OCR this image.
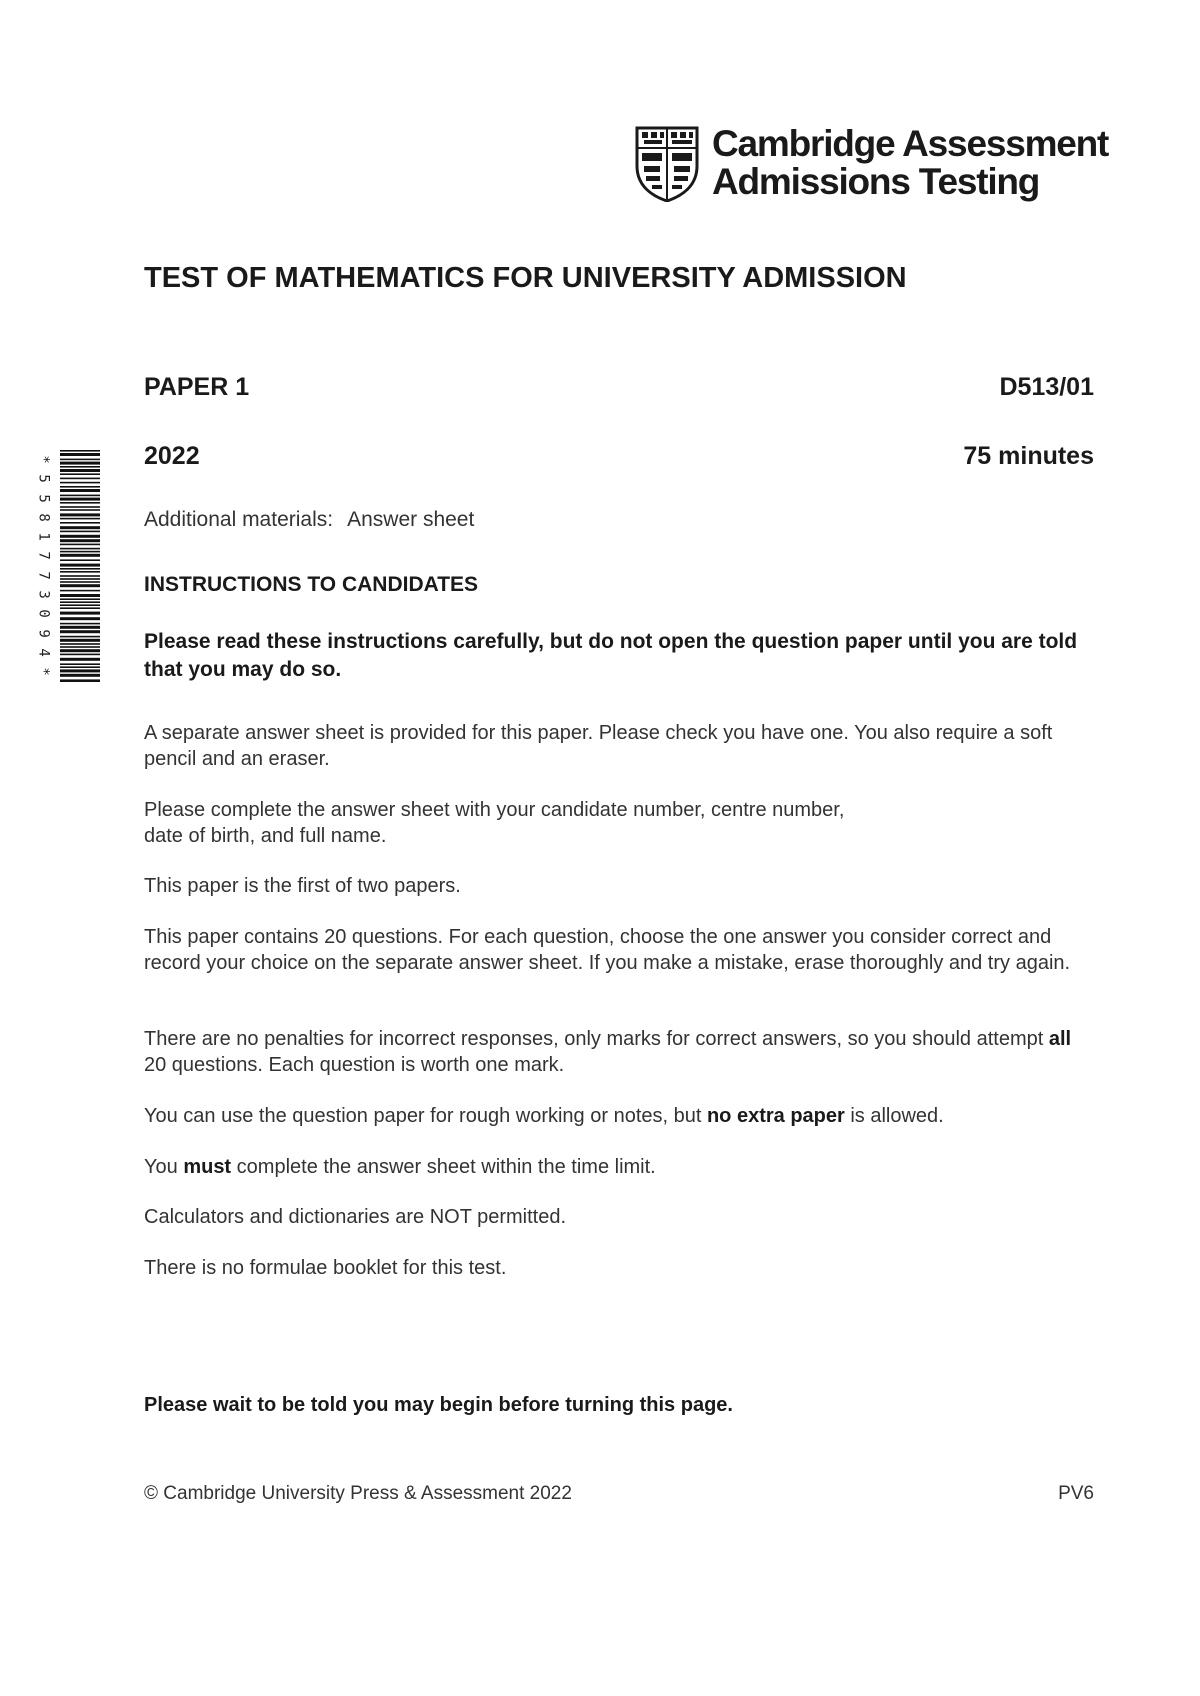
Cambridge Assessment
Admissions Testing
*
5
5
8
1
7
7
3
0
9
4
*
TEST OF MATHEMATICS FOR UNIVERSITY ADMISSION
PAPER 1	D513/01
2022	75 minutes
Additional materials: Answer sheet
INSTRUCTIONS TO CANDIDATES
Please read these instructions carefully, but do not open the question paper until you are told that you may do so.
A separate answer sheet is provided for this paper. Please check you have one. You also require a soft pencil and an eraser.
Please complete the answer sheet with your candidate number, centre number,
date of birth, and full name.
This paper is the first of two papers.
This paper contains 20 questions. For each question, choose the one answer you consider correct and record your choice on the separate answer sheet. If you make a mistake, erase thoroughly and try again.
There are no penalties for incorrect responses, only marks for correct answers, so you should attempt all 20 questions. Each question is worth one mark.
You can use the question paper for rough working or notes, but no extra paper is allowed.
You must complete the answer sheet within the time limit.
Calculators and dictionaries are NOT permitted.
There is no formulae booklet for this test.
Please wait to be told you may begin before turning this page.
© Cambridge University Press & Assessment 2022	PV6
